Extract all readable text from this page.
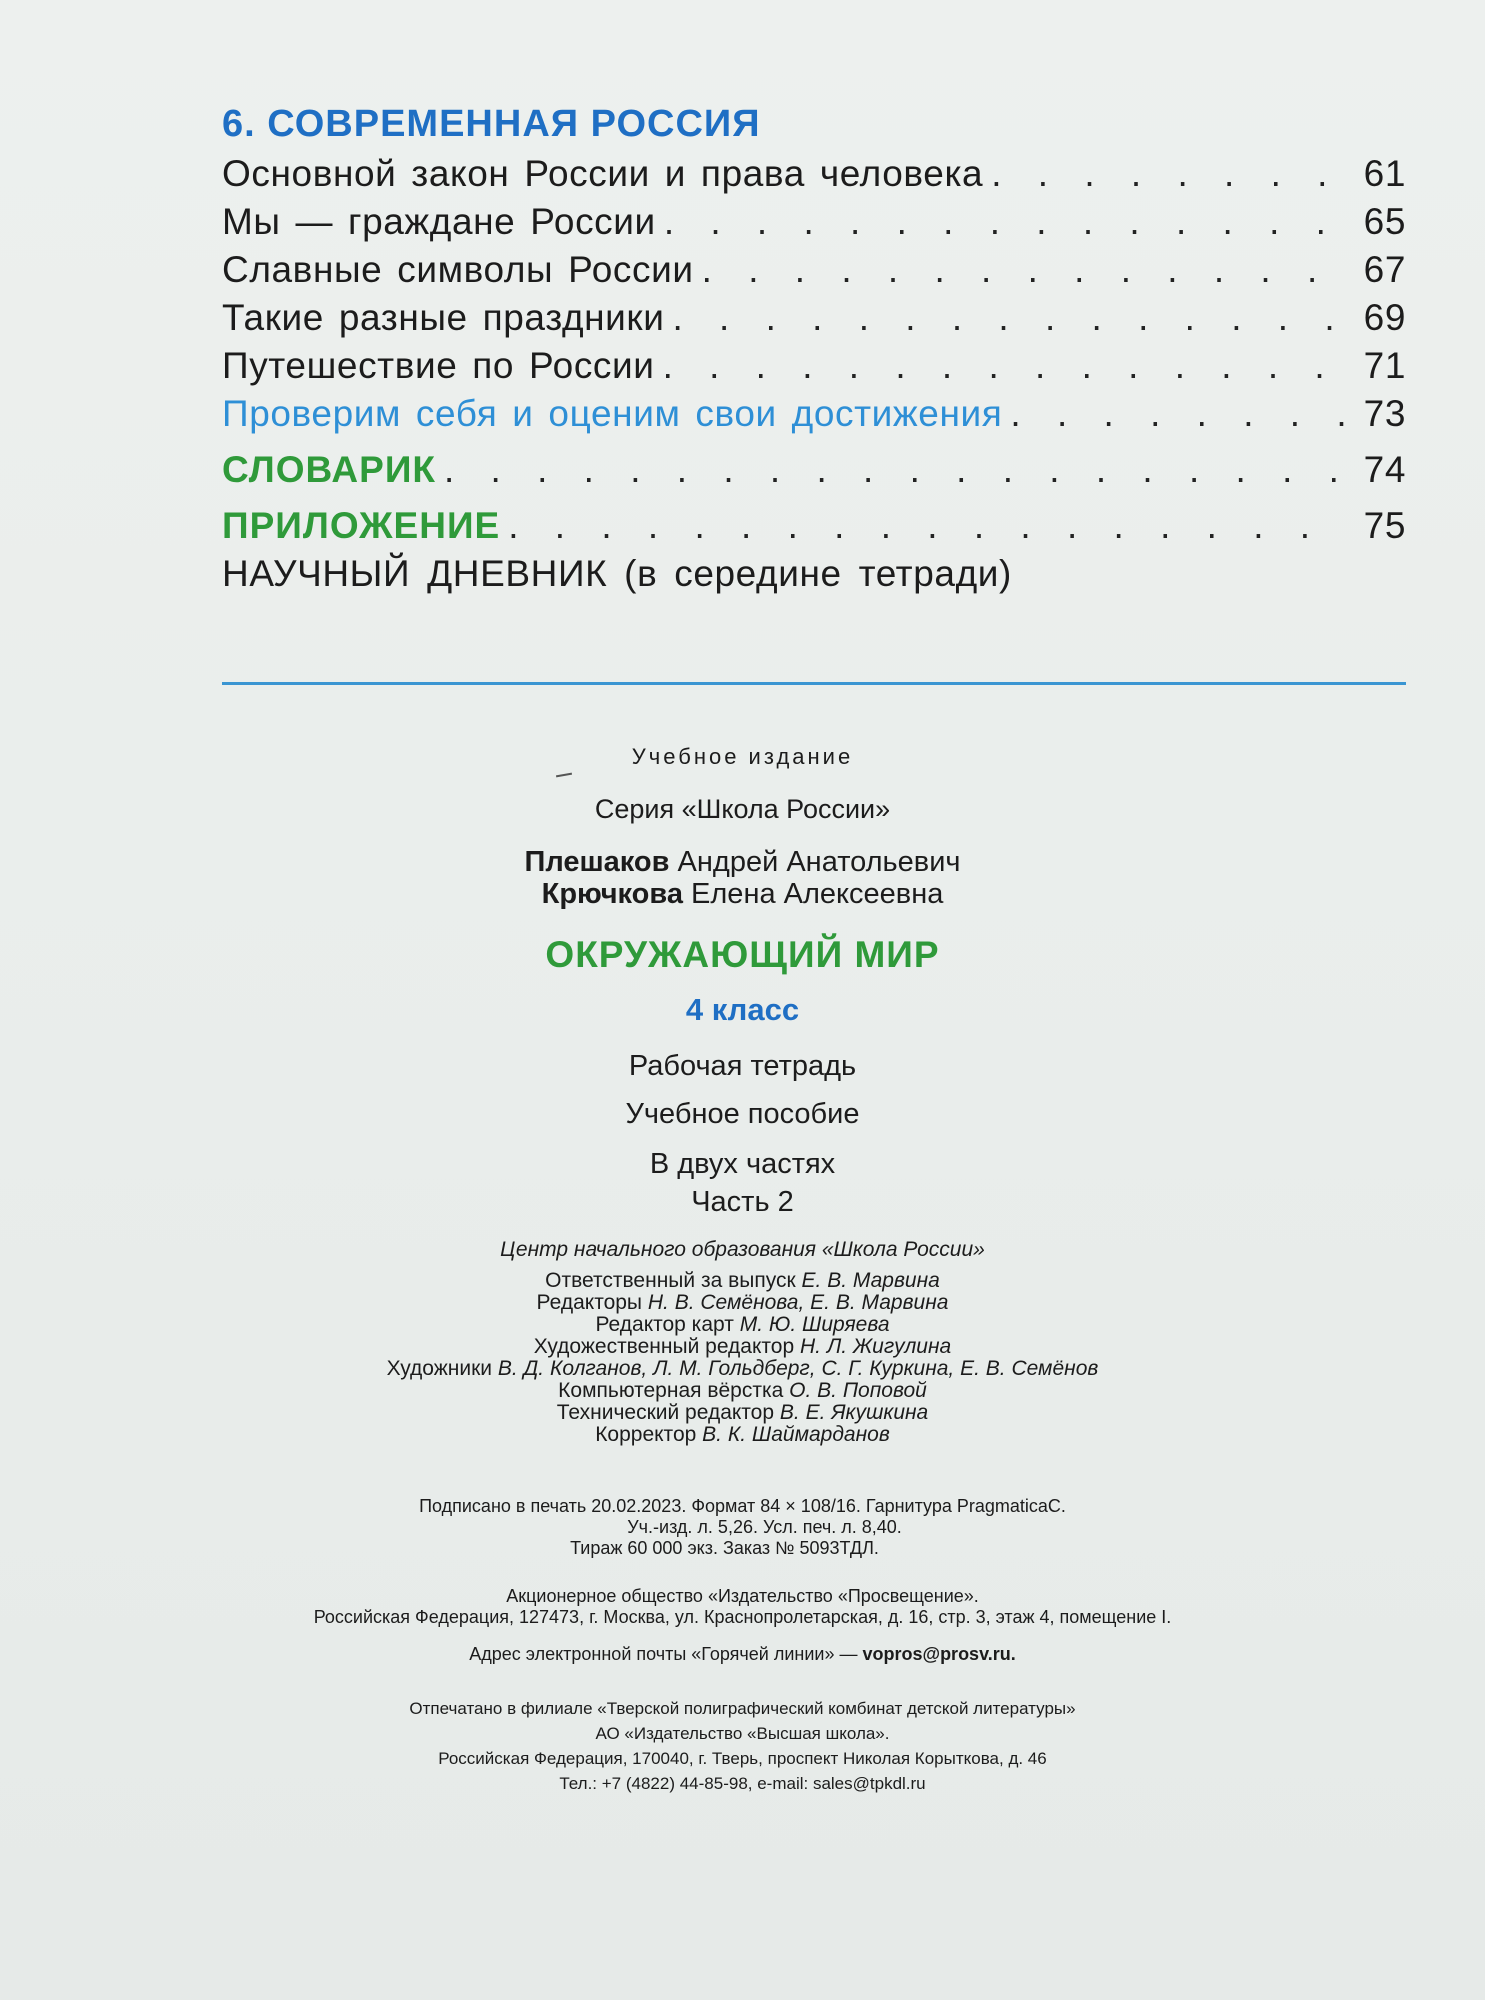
6. СОВРЕМЕННАЯ РОССИЯ
Основной закон России и права человека . . .	61
Мы — граждане России . . .	65
Славные символы России . . .	67
Такие разные праздники . . .	69
Путешествие по России . . .	71
Проверим себя и оценим свои достижения . . .	73
СЛОВАРИК . . .	74
ПРИЛОЖЕНИЕ . . .	75
НАУЧНЫЙ ДНЕВНИК (в середине тетради)
Учебное издание
Серия «Школа России»
Плешаков Андрей Анатольевич
Крючкова Елена Алексеевна
ОКРУЖАЮЩИЙ МИР
4 класс
Рабочая тетрадь
Учебное пособие
В двух частях
Часть 2
Центр начального образования «Школа России»
Ответственный за выпуск Е. В. Марвина
Редакторы Н. В. Семёнова, Е. В. Марвина
Редактор карт М. Ю. Ширяева
Художественный редактор Н. Л. Жигулина
Художники В. Д. Колганов, Л. М. Гольдберг, С. Г. Куркина, Е. В. Семёнов
Компьютерная вёрстка О. В. Поповой
Технический редактор В. Е. Якушкина
Корректор В. К. Шаймарданов
Подписано в печать 20.02.2023. Формат 84 × 108/16. Гарнитура PragmaticaC.
Уч.-изд. л. 5,26. Усл. печ. л. 8,40.
Тираж 60 000 экз. Заказ № 5093ТДЛ.
Акционерное общество «Издательство «Просвещение».
Российская Федерация, 127473, г. Москва, ул. Краснопролетарская, д. 16, стр. 3, этаж 4, помещение I.
Адрес электронной почты «Горячей линии» — vopros@prosv.ru.
Отпечатано в филиале «Тверской полиграфический комбинат детской литературы»
АО «Издательство «Высшая школа».
Российская Федерация, 170040, г. Тверь, проспект Николая Корыткова, д. 46
Тел.: +7 (4822) 44-85-98, e-mail: sales@tpkdl.ru
